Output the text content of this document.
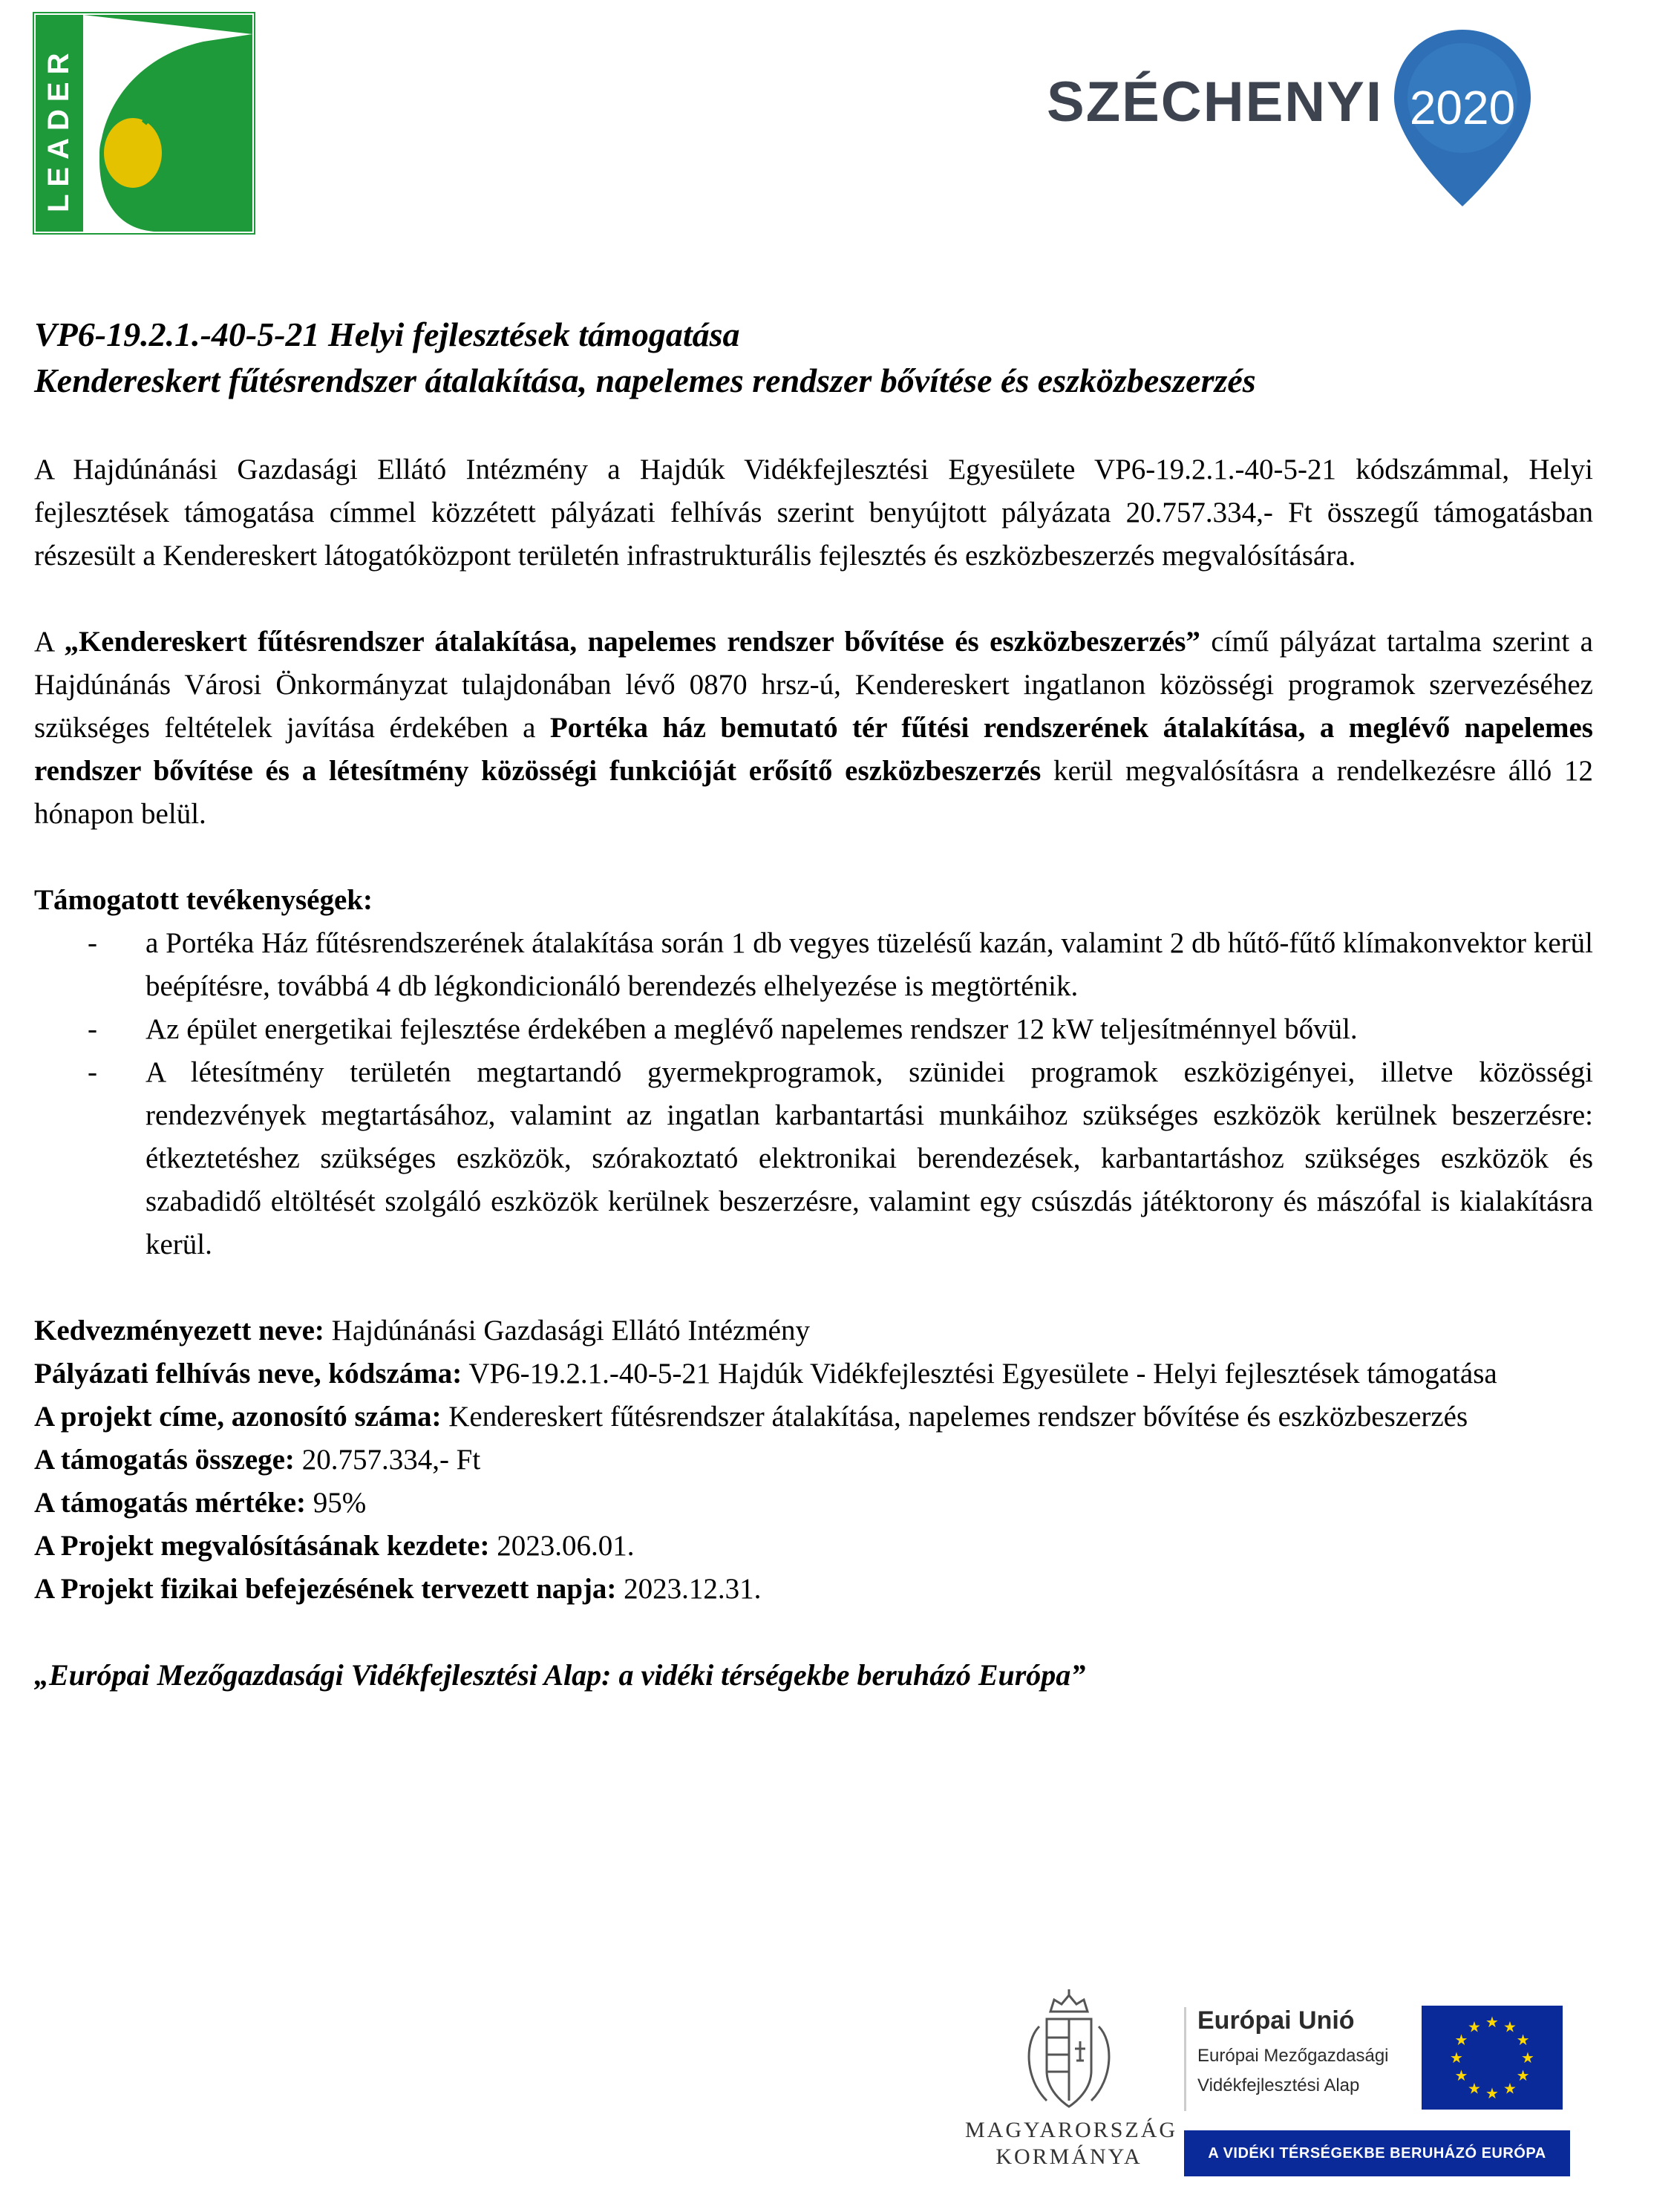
LEADER	SZÉCHENYI 2020

VP6-19.2.1.-40-5-21 Helyi fejlesztések támogatása

Kendereskert fűtésrendszer átalakítása, napelemes rendszer bővítése és eszközbeszerzés

A Hajdúnánási Gazdasági Ellátó Intézmény a Hajdúk Vidékfejlesztési Egyesülete VP6-19.2.1.-40-5-21 kódszámmal, Helyi fejlesztések támogatása címmel közzétett pályázati felhívás szerint benyújtott pályázata 20.757.334,- Ft összegű támogatásban részesült a Kendereskert látogatóközpont területén infrastrukturális fejlesztés és eszközbeszerzés megvalósítására.

A „Kendereskert fűtésrendszer átalakítása, napelemes rendszer bővítése és eszközbeszerzés” című pályázat tartalma szerint a Hajdúnánás Városi Önkormányzat tulajdonában lévő 0870 hrsz-ú, Kendereskert ingatlanon közösségi programok szervezéséhez szükséges feltételek javítása érdekében a Portéka ház bemutató tér fűtési rendszerének átalakítása, a meglévő napelemes rendszer bővítése és a létesítmény közösségi funkcióját erősítő eszközbeszerzés kerül megvalósításra a rendelkezésre álló 12 hónapon belül.

Támogatott tevékenységek:

- a Portéka Ház fűtésrendszerének átalakítása során 1 db vegyes tüzelésű kazán, valamint 2 db hűtő-fűtő klímakonvektor kerül beépítésre, továbbá 4 db légkondicionáló berendezés elhelyezése is megtörténik.
- Az épület energetikai fejlesztése érdekében a meglévő napelemes rendszer 12 kW teljesítménnyel bővül.
- A létesítmény területén megtartandó gyermekprogramok, szünidei programok eszközigényei, illetve közösségi rendezvények megtartásához, valamint az ingatlan karbantartási munkáihoz szükséges eszközök kerülnek beszerzésre: étkeztetéshez szükséges eszközök, szórakoztató elektronikai berendezések, karbantartáshoz szükséges eszközök és szabadidő eltöltését szolgáló eszközök kerülnek beszerzésre, valamint egy csúszdás játéktorony és mászófal is kialakításra kerül.

Kedvezményezett neve: Hajdúnánási Gazdasági Ellátó Intézmény

Pályázati felhívás neve, kódszáma: VP6-19.2.1.-40-5-21 Hajdúk Vidékfejlesztési Egyesülete - Helyi fejlesztések támogatása

A projekt címe, azonosító száma: Kendereskert fűtésrendszer átalakítása, napelemes rendszer bővítése és eszközbeszerzés

A támogatás összege: 20.757.334,- Ft

A támogatás mértéke: 95%

A Projekt megvalósításának kezdete: 2023.06.01.

A Projekt fizikai befejezésének tervezett napja: 2023.12.31.

„Európai Mezőgazdasági Vidékfejlesztési Alap: a vidéki térségekbe beruházó Európa”

MAGYARORSZÁG
KORMÁNYA
Európai Unió
Európai Mezőgazdasági
Vidékfejlesztési Alap
★
★
★
★
★
★
★
★
★ ★ ★
★
A VIDÉKI TÉRSÉGEKBE BERUHÁZÓ EURÓPA
